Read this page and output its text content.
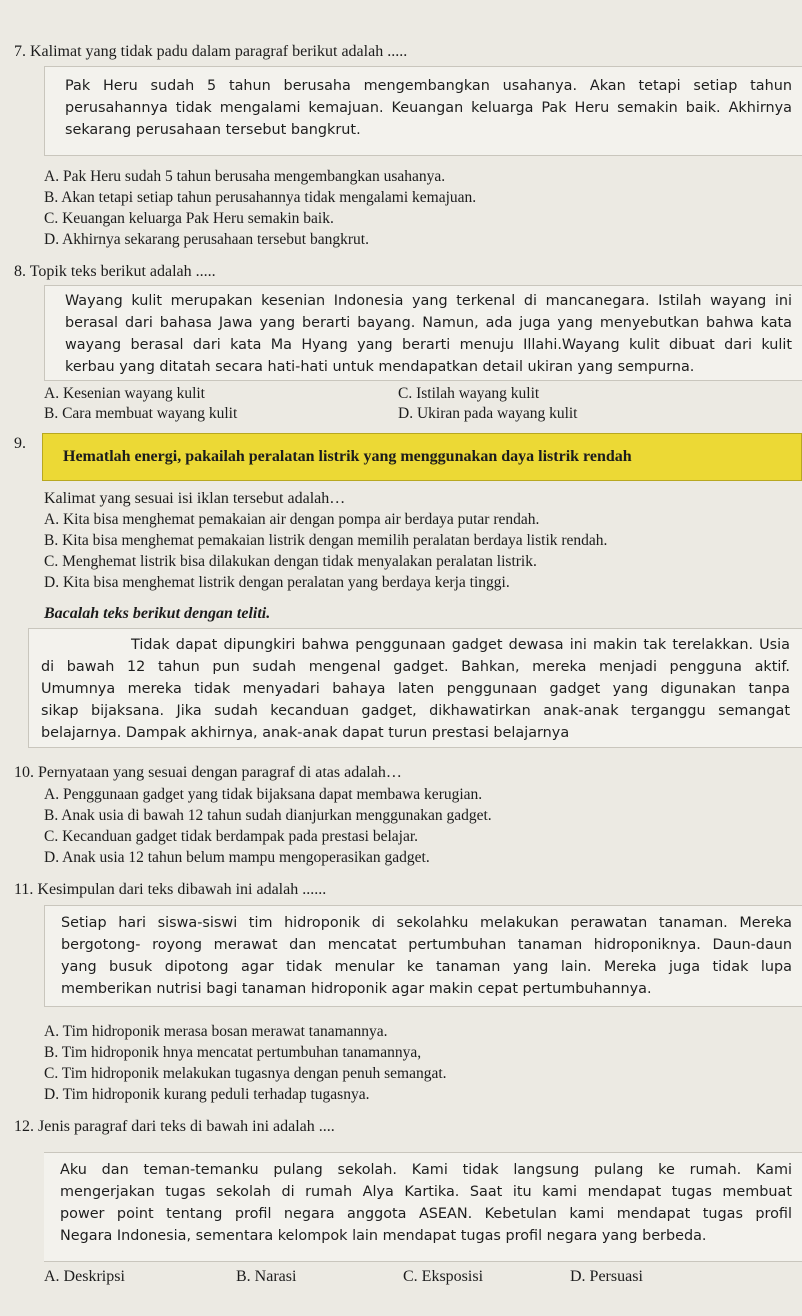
7. Kalimat yang tidak padu dalam paragraf berikut adalah .....
Pak Heru sudah 5 tahun berusaha mengembangkan usahanya. Akan tetapi setiap tahun
perusahannya tidak mengalami kemajuan. Keuangan keluarga Pak Heru semakin baik. Akhirnya
sekarang perusahaan tersebut bangkrut.
A. Pak Heru sudah 5 tahun berusaha mengembangkan usahanya.
B. Akan tetapi setiap tahun perusahannya tidak mengalami kemajuan.
C. Keuangan keluarga Pak Heru semakin baik.
D. Akhirnya sekarang perusahaan tersebut bangkrut.
8. Topik teks berikut adalah .....
Wayang kulit merupakan kesenian Indonesia yang terkenal di mancanegara. Istilah wayang ini
berasal dari bahasa Jawa yang berarti bayang. Namun, ada juga yang menyebutkan bahwa kata
wayang berasal dari kata Ma Hyang yang berarti menuju Illahi.Wayang kulit dibuat dari kulit
kerbau yang ditatah secara hati-hati untuk mendapatkan detail ukiran yang sempurna.
A. Kesenian wayang kulit	C. Istilah wayang kulit
B. Cara membuat wayang kulit	D. Ukiran pada wayang kulit
9.
Hematlah energi, pakailah peralatan listrik yang menggunakan daya listrik rendah
Kalimat yang sesuai isi iklan tersebut adalah…
A. Kita bisa menghemat pemakaian air dengan pompa air berdaya putar rendah.
B. Kita bisa menghemat pemakaian listrik dengan memilih peralatan berdaya listik rendah.
C. Menghemat listrik bisa dilakukan dengan tidak menyalakan peralatan listrik.
D. Kita bisa menghemat listrik dengan peralatan yang berdaya kerja tinggi.
Bacalah teks berikut dengan teliti.
Tidak dapat dipungkiri bahwa penggunaan gadget dewasa ini makin tak terelakkan. Usia
di bawah 12 tahun pun sudah mengenal gadget. Bahkan, mereka menjadi pengguna aktif.
Umumnya mereka tidak menyadari bahaya laten penggunaan gadget yang digunakan tanpa
sikap bijaksana. Jika sudah kecanduan gadget, dikhawatirkan anak-anak terganggu semangat
belajarnya. Dampak akhirnya, anak-anak dapat turun prestasi belajarnya
10. Pernyataan yang sesuai dengan paragraf di atas adalah…
A. Penggunaan gadget yang tidak bijaksana dapat membawa kerugian.
B. Anak usia di bawah 12 tahun sudah dianjurkan menggunakan gadget.
C. Kecanduan gadget tidak berdampak pada prestasi belajar.
D. Anak usia 12 tahun belum mampu mengoperasikan gadget.
11. Kesimpulan dari teks dibawah ini adalah ......
Setiap hari siswa-siswi tim hidroponik di sekolahku melakukan perawatan tanaman. Mereka
bergotong- royong merawat dan mencatat pertumbuhan tanaman hidroponiknya. Daun-daun
yang busuk dipotong agar tidak menular ke tanaman yang lain. Mereka juga tidak lupa
memberikan nutrisi bagi tanaman hidroponik agar makin cepat pertumbuhannya.
A. Tim hidroponik merasa bosan merawat tanamannya.
B. Tim hidroponik hnya mencatat pertumbuhan tanamannya,
C. Tim hidroponik melakukan tugasnya dengan penuh semangat.
D. Tim hidroponik kurang peduli terhadap tugasnya.
12. Jenis paragraf dari teks di bawah ini adalah ....
Aku dan teman-temanku pulang sekolah. Kami tidak langsung pulang ke rumah. Kami
mengerjakan tugas sekolah di rumah Alya Kartika. Saat itu kami mendapat tugas membuat
power point tentang profil negara anggota ASEAN. Kebetulan kami mendapat tugas profil
Negara Indonesia, sementara kelompok lain mendapat tugas profil negara yang berbeda.
A. Deskripsi	B. Narasi	C. Eksposisi	D. Persuasi
